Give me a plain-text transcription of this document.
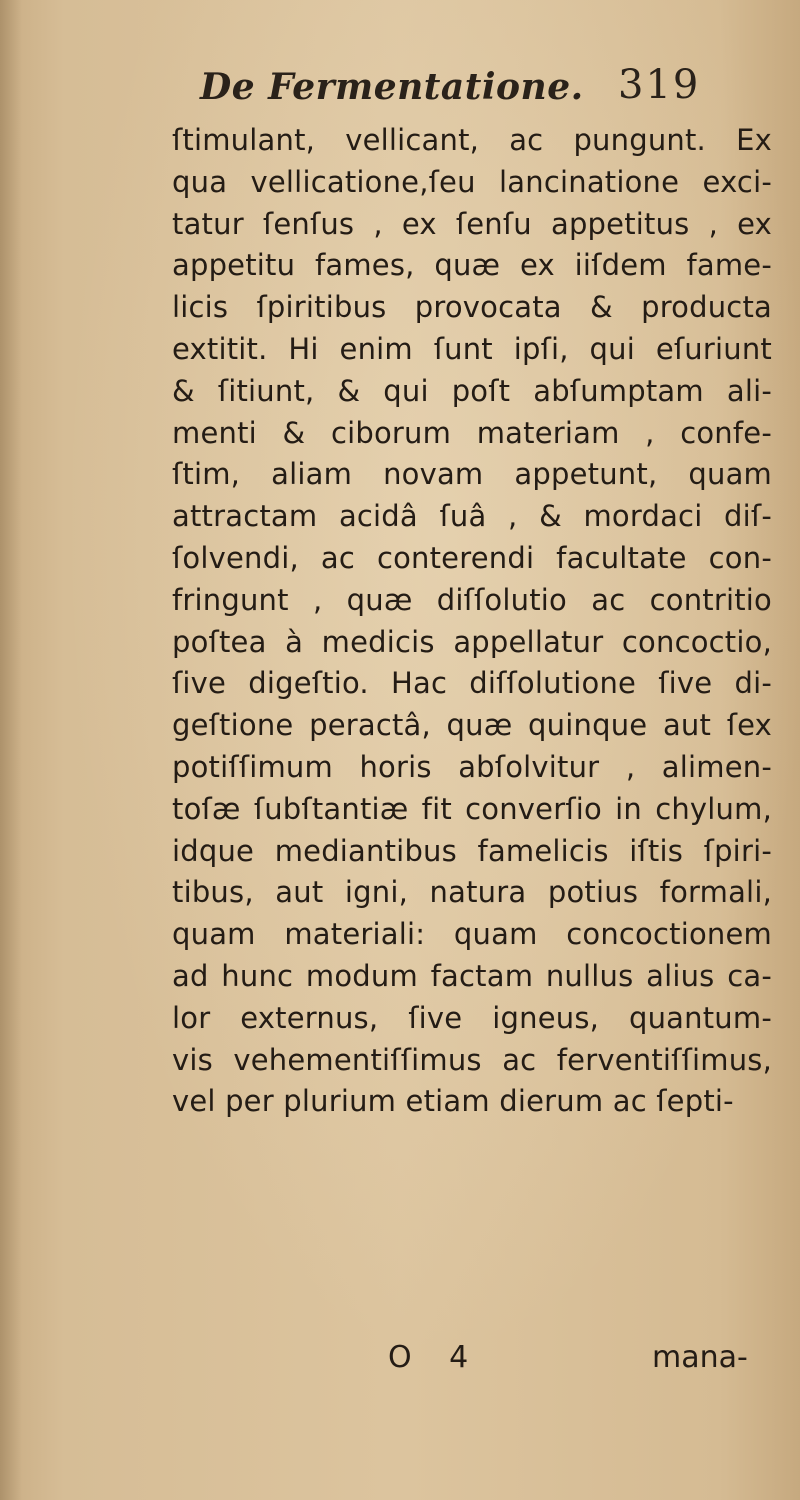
De Fermentatione. 319
ſtimulant, vellicant, ac pungunt. Ex
qua vellicatione,ſeu lancinatione exci-
tatur ſenſus , ex ſenſu appetitus , ex
appetitu fames, quæ ex iiſdem fame-
licis ſpiritibus provocata & producta
extitit. Hi enim ſunt ipſi, qui eſuriunt
& ſitiunt, & qui poſt abſumptam ali-
menti & ciborum materiam , confe-
ſtim, aliam novam appetunt, quam
attractam acidâ ſuâ , & mordaci diſ-
ſolvendi, ac conterendi facultate con-
fringunt , quæ diſſolutio ac contritio
poſtea à medicis appellatur concoctio,
ſive digeſtio. Hac diſſolutione ſive di-
geſtione peractâ, quæ quinque aut ſex
potiſſimum horis abſolvitur , alimen-
toſæ ſubſtantiæ fit converſio in chylum,
idque mediantibus famelicis iſtis ſpiri-
tibus, aut igni, natura potius formali,
quam materiali: quam concoctionem
ad hunc modum factam nullus alius ca-
lor externus, ſive igneus, quantum-
vis vehementiſſimus ac ferventiſſimus,
vel per plurium etiam dierum ac ſepti-
O 4	mana-
